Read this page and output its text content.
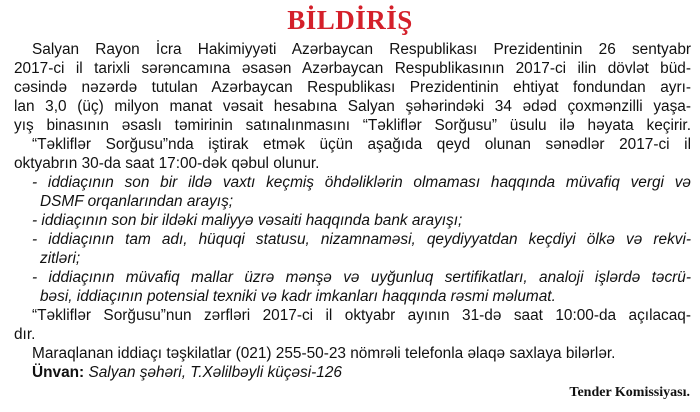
BİLDİRİŞ
Salyan Rayon İcra Hakimiyyəti Azərbaycan Respublikası Prezidentinin 26 sentyabr
2017-ci il tarixli sərəncamına əsasən Azərbaycan Respublikasının 2017-ci ilin dövlət büd-
cəsində nəzərdə tutulan Azərbaycan Respublikası Prezidentinin ehtiyat fondundan ayrı-
lan 3,0 (üç) milyon manat vəsait hesabına Salyan şəhərindəki 34 ədəd çoxmənzilli yaşa-
yış binasının əsaslı təmirinin satınalınmasını “Təkliflər Sorğusu” üsulu ilə həyata keçirir.
“Təkliflər Sorğusu”nda iştirak etmək üçün aşağıda qeyd olunan sənədlər 2017-ci il
oktyabrın 30-da saat 17:00-dək qəbul olunur.
- iddiaçının son bir ildə vaxtı keçmiş öhdəliklərin olmaması haqqında müvafiq vergi və
DSMF orqanlarından arayış;
- iddiaçının son bir ildəki maliyyə vəsaiti haqqında bank arayışı;
- iddiaçının tam adı, hüquqi statusu, nizamnaməsi, qeydiyyatdan keçdiyi ölkə və rekvi-
zitləri;
- iddiaçının müvafiq mallar üzrə mənşə və uyğunluq sertifikatları, analoji işlərdə təcrü-
bəsi, iddiaçının potensial texniki və kadr imkanları haqqında rəsmi məlumat.
“Təkliflər Sorğusu”nun zərfləri 2017-ci il oktyabr ayının 31-də saat 10:00-da açılacaq-
dır.
Maraqlanan iddiaçı təşkilatlar (021) 255-50-23 nömrəli telefonla əlaqə saxlaya bilərlər.
Ünvan: Salyan şəhəri, T.Xəlilbəyli küçəsi-126
Tender Komissiyası.
